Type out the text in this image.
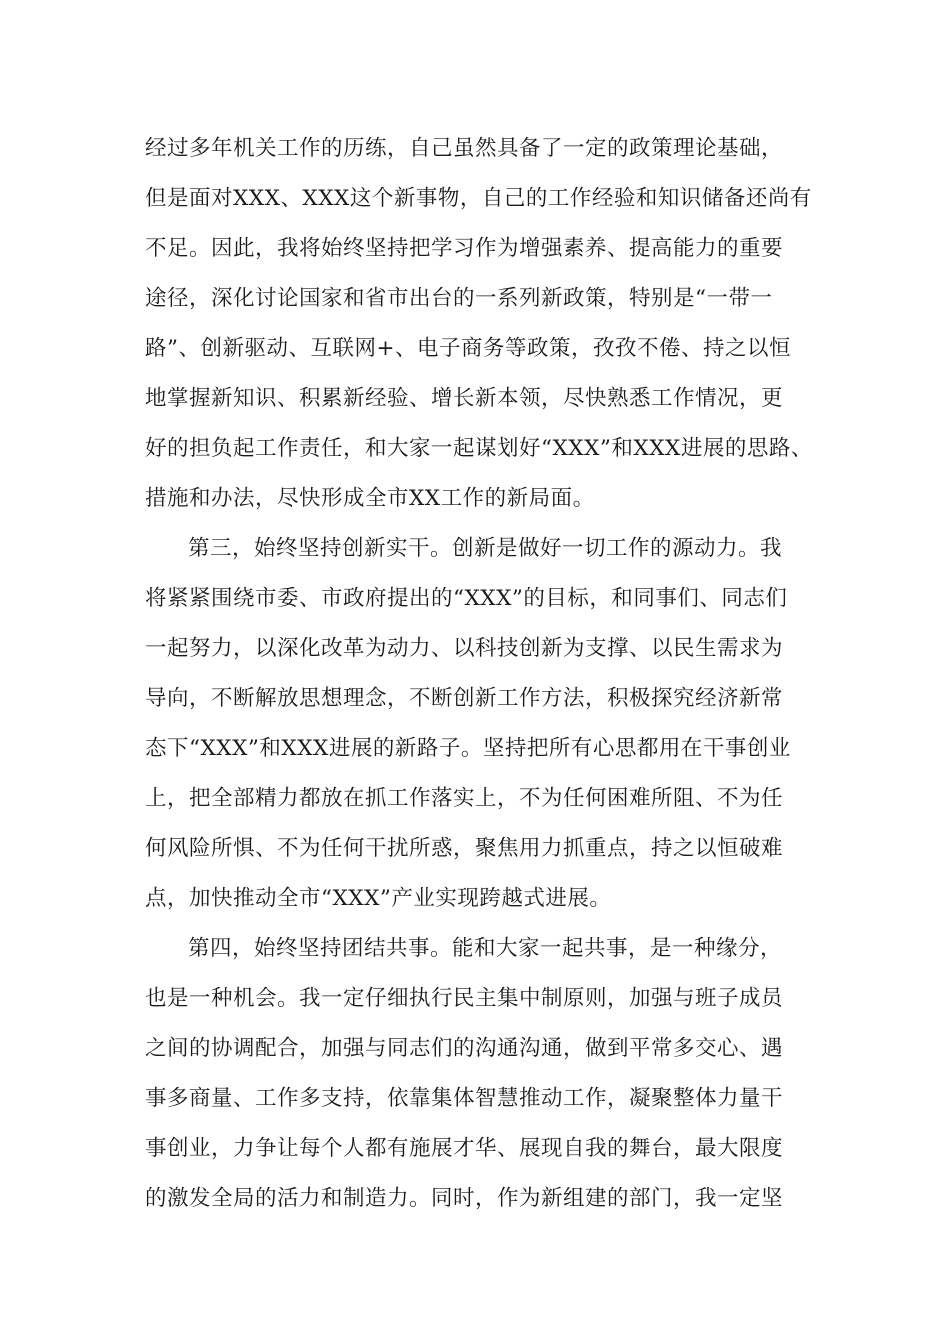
经过多年机关工作的历练，自己虽然具备了一定的政策理论基础，
但是面对XXX、XXX这个新事物，自己的工作经验和知识储备还尚有
不足。因此，我将始终坚持把学习作为增强素养、提高能力的重要
途径，深化讨论国家和省市出台的一系列新政策，特别是“一带一
路”、创新驱动、互联网+、电子商务等政策，孜孜不倦、持之以恒
地掌握新知识、积累新经验、增长新本领，尽快熟悉工作情况，更
好的担负起工作责任，和大家一起谋划好“XXX”和XXX进展的思路、
措施和办法，尽快形成全市XX工作的新局面。
第三，始终坚持创新实干。创新是做好一切工作的源动力。我
将紧紧围绕市委、市政府提出的“XXX”的目标，和同事们、同志们
一起努力，以深化改革为动力、以科技创新为支撑、以民生需求为
导向，不断解放思想理念，不断创新工作方法，积极探究经济新常
态下“XXX”和XXX进展的新路子。坚持把所有心思都用在干事创业
上，把全部精力都放在抓工作落实上，不为任何困难所阻、不为任
何风险所惧、不为任何干扰所惑，聚焦用力抓重点，持之以恒破难
点，加快推动全市“XXX”产业实现跨越式进展。
第四，始终坚持团结共事。能和大家一起共事，是一种缘分，
也是一种机会。我一定仔细执行民主集中制原则，加强与班子成员
之间的协调配合，加强与同志们的沟通沟通，做到平常多交心、遇
事多商量、工作多支持，依靠集体智慧推动工作，凝聚整体力量干
事创业，力争让每个人都有施展才华、展现自我的舞台，最大限度
的激发全局的活力和制造力。同时，作为新组建的部门，我一定坚
